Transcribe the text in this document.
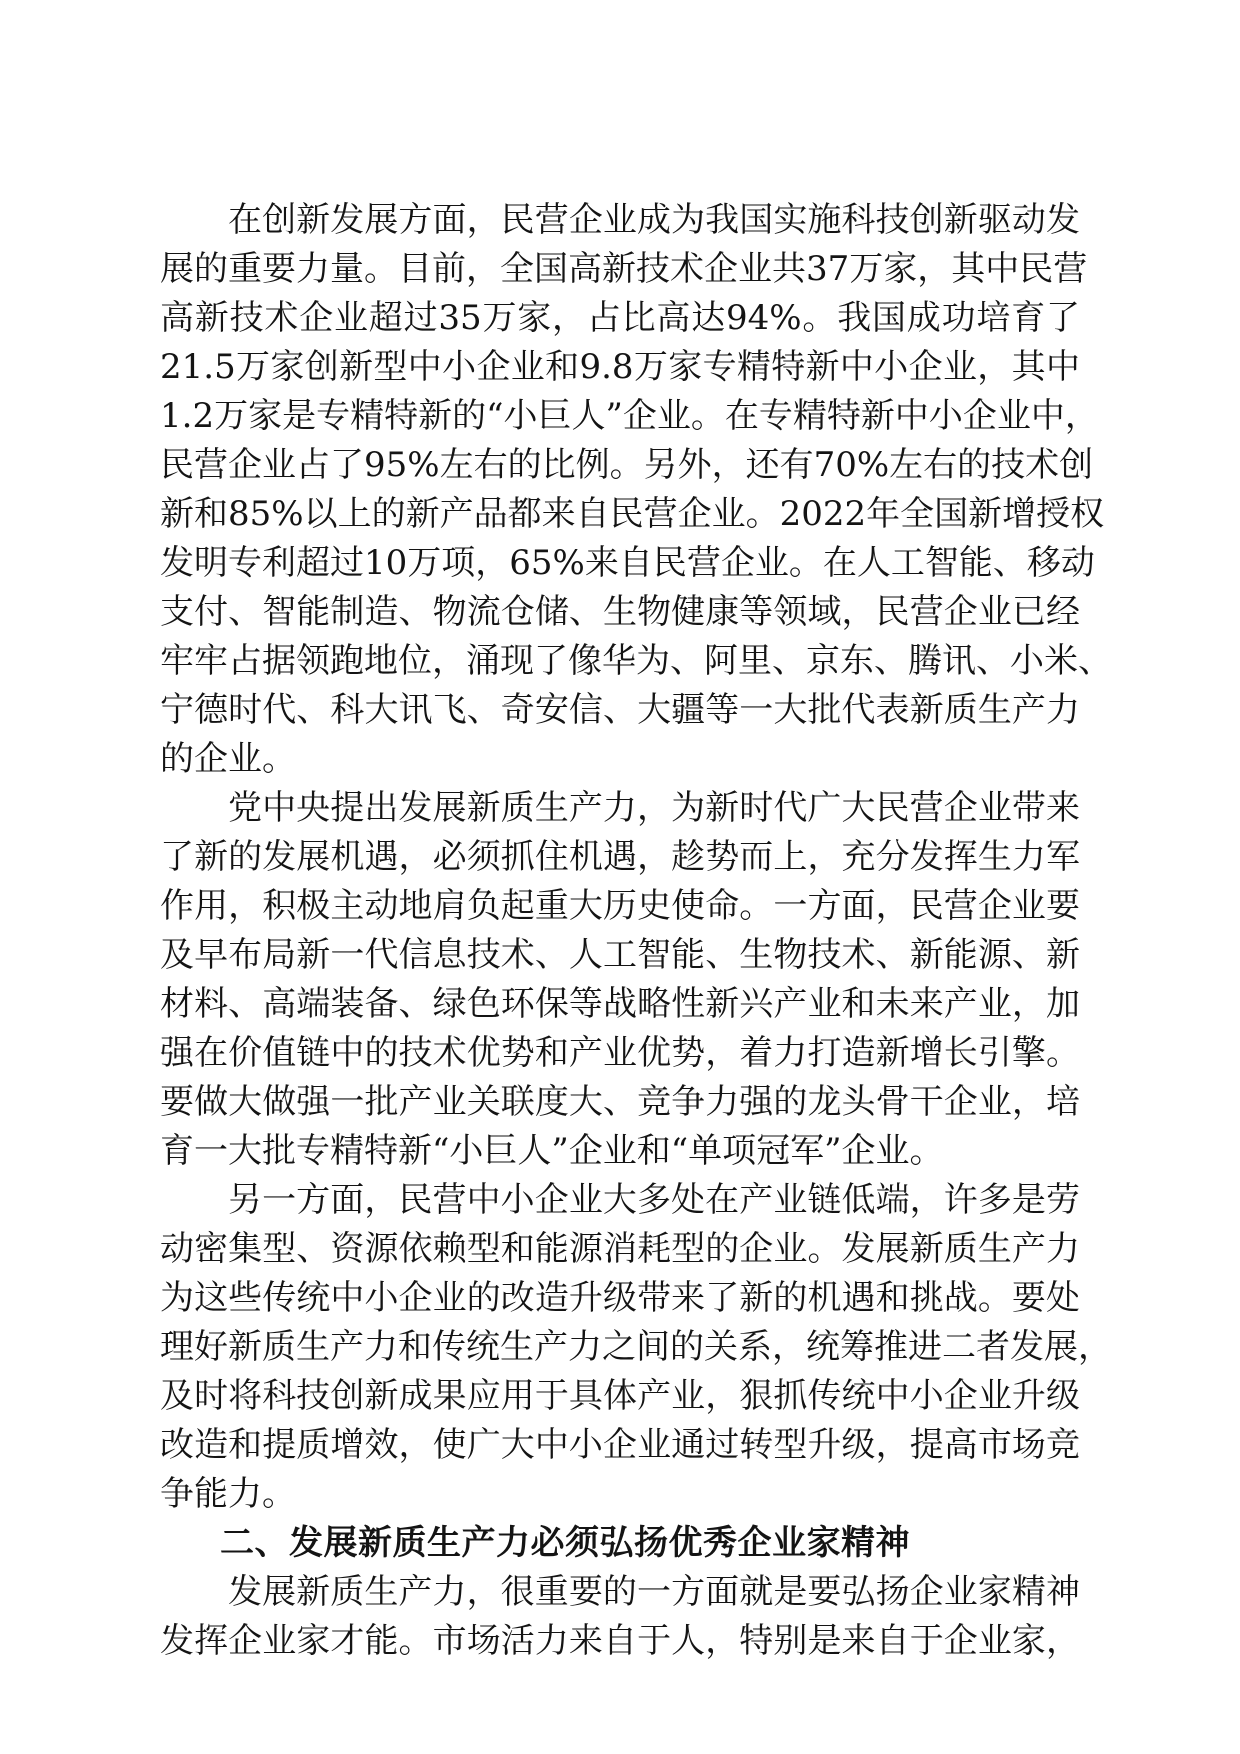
在创新发展方面，民营企业成为我国实施科技创新驱动发
展的重要力量。目前，全国高新技术企业共37万家，其中民营
高新技术企业超过35万家，占比高达94%。我国成功培育了
21.5万家创新型中小企业和9.8万家专精特新中小企业，其中
1.2万家是专精特新的“小巨人”企业。在专精特新中小企业中，
民营企业占了95%左右的比例。另外，还有70%左右的技术创
新和85%以上的新产品都来自民营企业。2022年全国新增授权
发明专利超过10万项，65%来自民营企业。在人工智能、移动
支付、智能制造、物流仓储、生物健康等领域，民营企业已经
牢牢占据领跑地位，涌现了像华为、阿里、京东、腾讯、小米、
宁德时代、科大讯飞、奇安信、大疆等一大批代表新质生产力
的企业。
党中央提出发展新质生产力，为新时代广大民营企业带来
了新的发展机遇，必须抓住机遇，趁势而上，充分发挥生力军
作用，积极主动地肩负起重大历史使命。一方面，民营企业要
及早布局新一代信息技术、人工智能、生物技术、新能源、新
材料、高端装备、绿色环保等战略性新兴产业和未来产业，加
强在价值链中的技术优势和产业优势，着力打造新增长引擎。
要做大做强一批产业关联度大、竞争力强的龙头骨干企业，培
育一大批专精特新“小巨人”企业和“单项冠军”企业。
另一方面，民营中小企业大多处在产业链低端，许多是劳
动密集型、资源依赖型和能源消耗型的企业。发展新质生产力
为这些传统中小企业的改造升级带来了新的机遇和挑战。要处
理好新质生产力和传统生产力之间的关系，统筹推进二者发展，
及时将科技创新成果应用于具体产业，狠抓传统中小企业升级
改造和提质增效，使广大中小企业通过转型升级，提高市场竞
争能力。
二、发展新质生产力必须弘扬优秀企业家精神
发展新质生产力，很重要的一方面就是要弘扬企业家精神
发挥企业家才能。市场活力来自于人，特别是来自于企业家，
